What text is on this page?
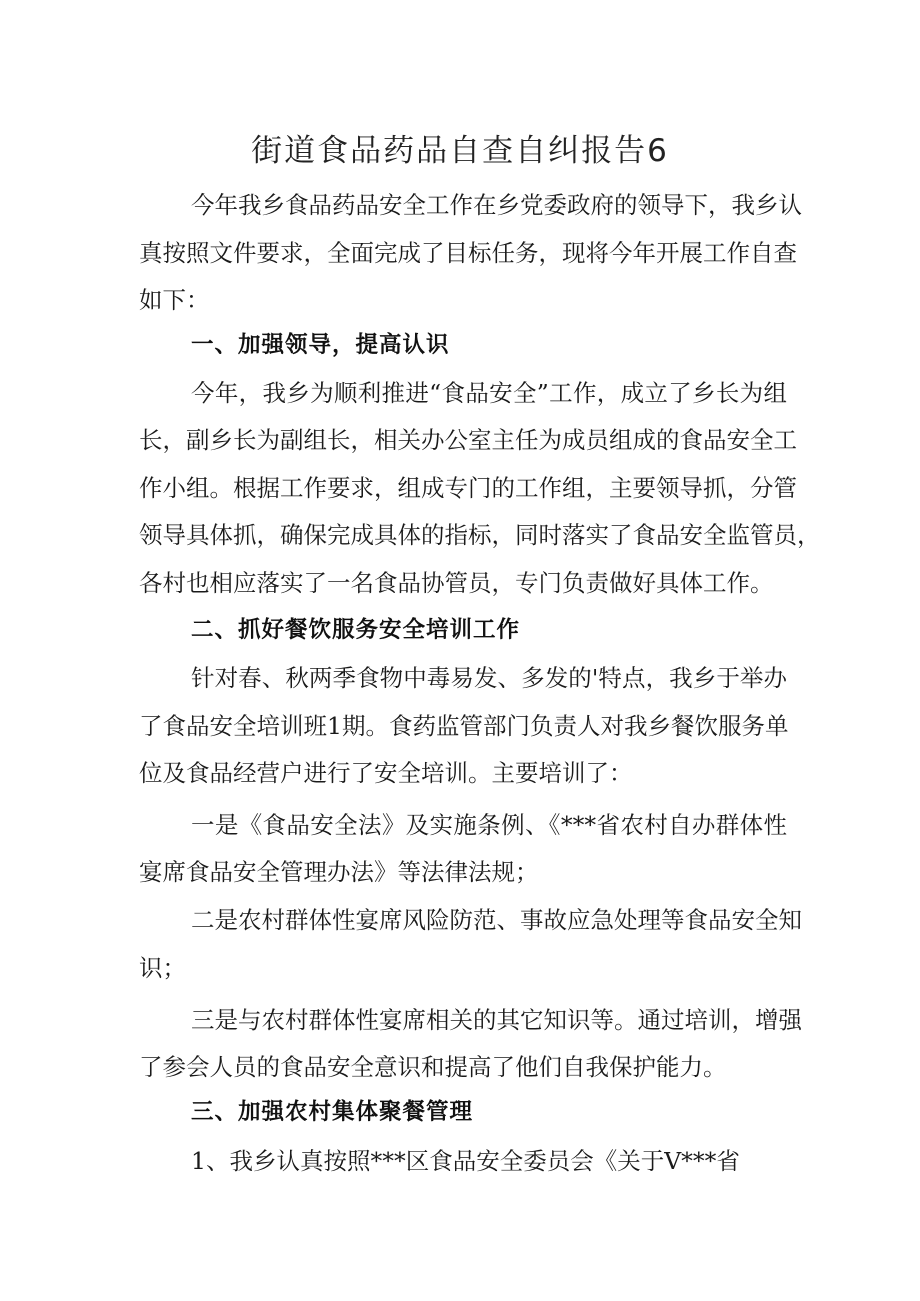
街道食品药品自查自纠报告6
今年我乡食品药品安全工作在乡党委政府的领导下，我乡认
真按照文件要求，全面完成了目标任务，现将今年开展工作自查
如下：
一、加强领导，提高认识
今年，我乡为顺利推进“食品安全”工作，成立了乡长为组
长，副乡长为副组长，相关办公室主任为成员组成的食品安全工
作小组。根据工作要求，组成专门的工作组，主要领导抓，分管
领导具体抓，确保完成具体的指标，同时落实了食品安全监管员，
各村也相应落实了一名食品协管员，专门负责做好具体工作。
二、抓好餐饮服务安全培训工作
针对春、秋两季食物中毒易发、多发的'特点，我乡于举办
了食品安全培训班1期。食药监管部门负责人对我乡餐饮服务单
位及食品经营户进行了安全培训。主要培训了：
一是《食品安全法》及实施条例、《***省农村自办群体性
宴席食品安全管理办法》等法律法规；
二是农村群体性宴席风险防范、事故应急处理等食品安全知
识；
三是与农村群体性宴席相关的其它知识等。通过培训，增强
了参会人员的食品安全意识和提高了他们自我保护能力。
三、加强农村集体聚餐管理
1、我乡认真按照***区食品安全委员会《关于V***省
